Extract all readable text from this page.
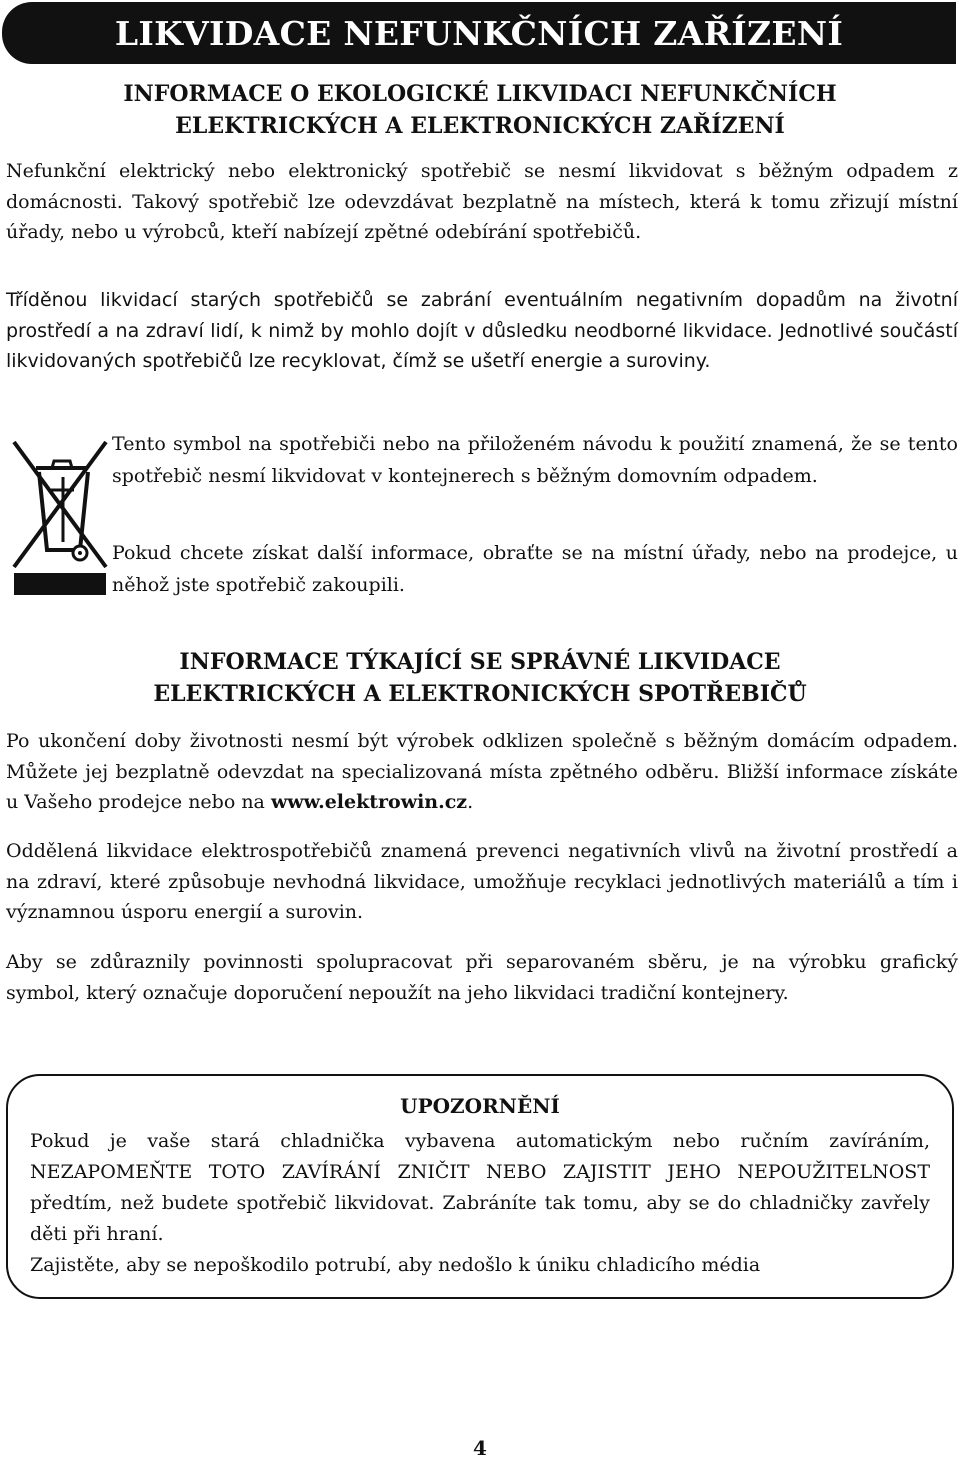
LIKVIDACE NEFUNKČNÍCH ZAŘÍZENÍ
INFORMACE O EKOLOGICKÉ LIKVIDACI NEFUNKČNÍCH
ELEKTRICKÝCH A ELEKTRONICKÝCH ZAŘÍZENÍ
Nefunkční elektrický nebo elektronický spotřebič se nesmí likvidovat s běžným odpadem z domácnosti. Takový spotřebič lze odevzdávat bezplatně na místech, která k tomu zřizují místní úřady, nebo u výrobců, kteří nabízejí zpětné odebírání spotřebičů.
Tříděnou likvidací starých spotřebičů se zabrání eventuálním negativním dopadům na životní prostředí a na zdraví lidí, k nimž by mohlo dojít v důsledku neodborné likvidace. Jednotlivé součástí likvidovaných spotřebičů lze recyklovat, čímž se ušetří energie a suroviny.
Tento symbol na spotřebiči nebo na přiloženém návodu k použití znamená, že se tento spotřebič nesmí likvidovat v kontejnerech s běžným domovním odpadem.
Pokud chcete získat další informace, obraťte se na místní úřady, nebo na prodejce, u něhož jste spotřebič zakoupili.
INFORMACE TÝKAJÍCÍ SE SPRÁVNÉ LIKVIDACE
ELEKTRICKÝCH A ELEKTRONICKÝCH SPOTŘEBIČŮ
Po ukončení doby životnosti nesmí být výrobek odklizen společně s běžným domácím odpadem. Můžete jej bezplatně odevzdat na specializovaná místa zpětného odběru. Bližší informace získáte u Vašeho prodejce nebo na www.elektrowin.cz.
Oddělená likvidace elektrospotřebičů znamená prevenci negativních vlivů na životní prostředí a na zdraví, které způsobuje nevhodná likvidace, umožňuje recyklaci jednotlivých materiálů a tím i významnou úsporu energií a surovin.
Aby se zdůraznily povinnosti spolupracovat při separovaném sběru, je na výrobku grafický symbol, který označuje doporučení nepoužít na jeho likvidaci tradiční kontejnery.
UPOZORNĚNÍ
Pokud je vaše stará chladnička vybavena automatickým nebo ručním zavíráním, NEZAPOMEŇTE TOTO ZAVÍRÁNÍ ZNIČIT NEBO ZAJISTIT JEHO NEPOUŽITELNOST předtím, než budete spotřebič likvidovat. Zabráníte tak tomu, aby se do chladničky zavřely děti při hraní.
Zajistěte, aby se nepoškodilo potrubí, aby nedošlo k úniku chladicího média
4
